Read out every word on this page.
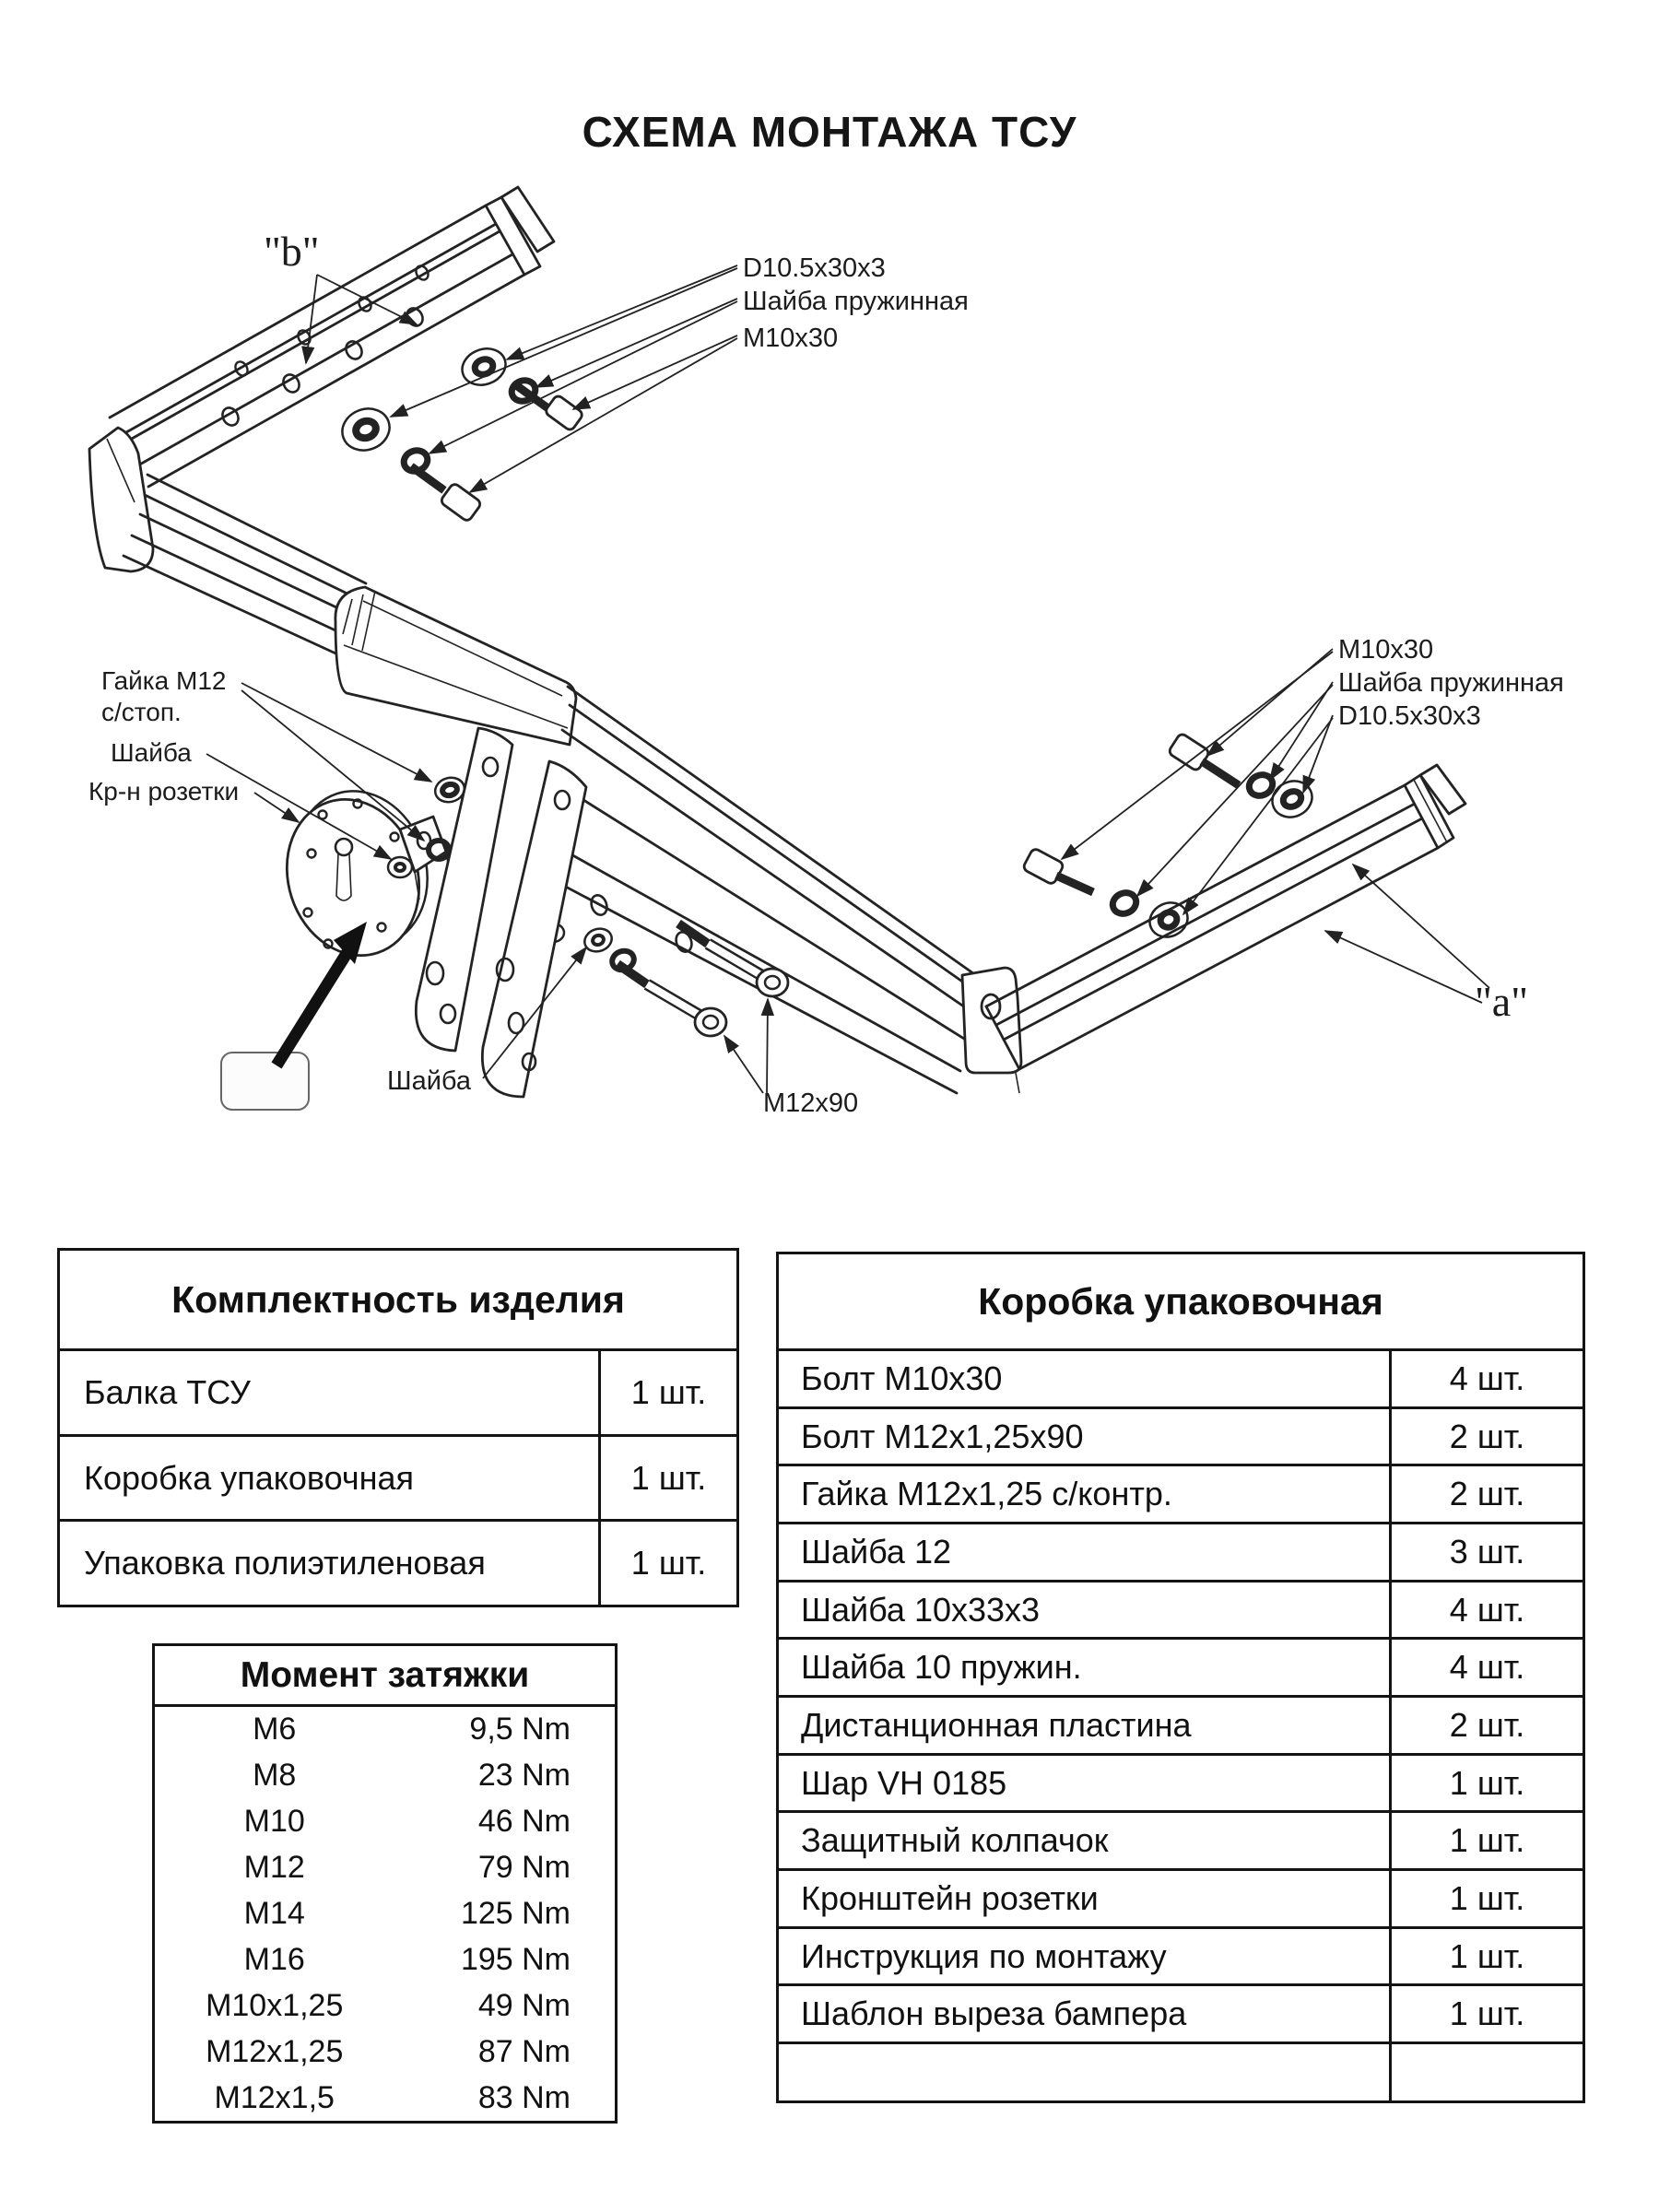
СХЕМА МОНТАЖА ТСУ
"b"
"a"
D10.5x30x3
Шайба пружинная
M10x30
Гайка М12
с/стоп.
Шайба
Кр-н розетки
Шайба
М12х90
M10x30
Шайба пружинная
D10.5x30x3
Комплектность изделия
Балка ТСУ	1 шт.
Коробка упаковочная	1 шт.
Упаковка полиэтиленовая	1 шт.
Момент затяжки
М6	9,5 Nm
М8	23 Nm
М10	46 Nm
М12	79 Nm
М14	125 Nm
М16	195 Nm
М10х1,25	49 Nm
М12х1,25	87 Nm
М12х1,5	83 Nm
Коробка упаковочная
Болт М10х30	4 шт.
Болт М12х1,25х90	2 шт.
Гайка М12х1,25 с/контр.	2 шт.
Шайба 12	3 шт.
Шайба 10х33х3	4 шт.
Шайба 10 пружин.	4 шт.
Дистанционная пластина	2 шт.
Шар VH 0185	1 шт.
Защитный колпачок	1 шт.
Кронштейн розетки	1 шт.
Инструкция по монтажу	1 шт.
Шаблон выреза бампера	1 шт.
